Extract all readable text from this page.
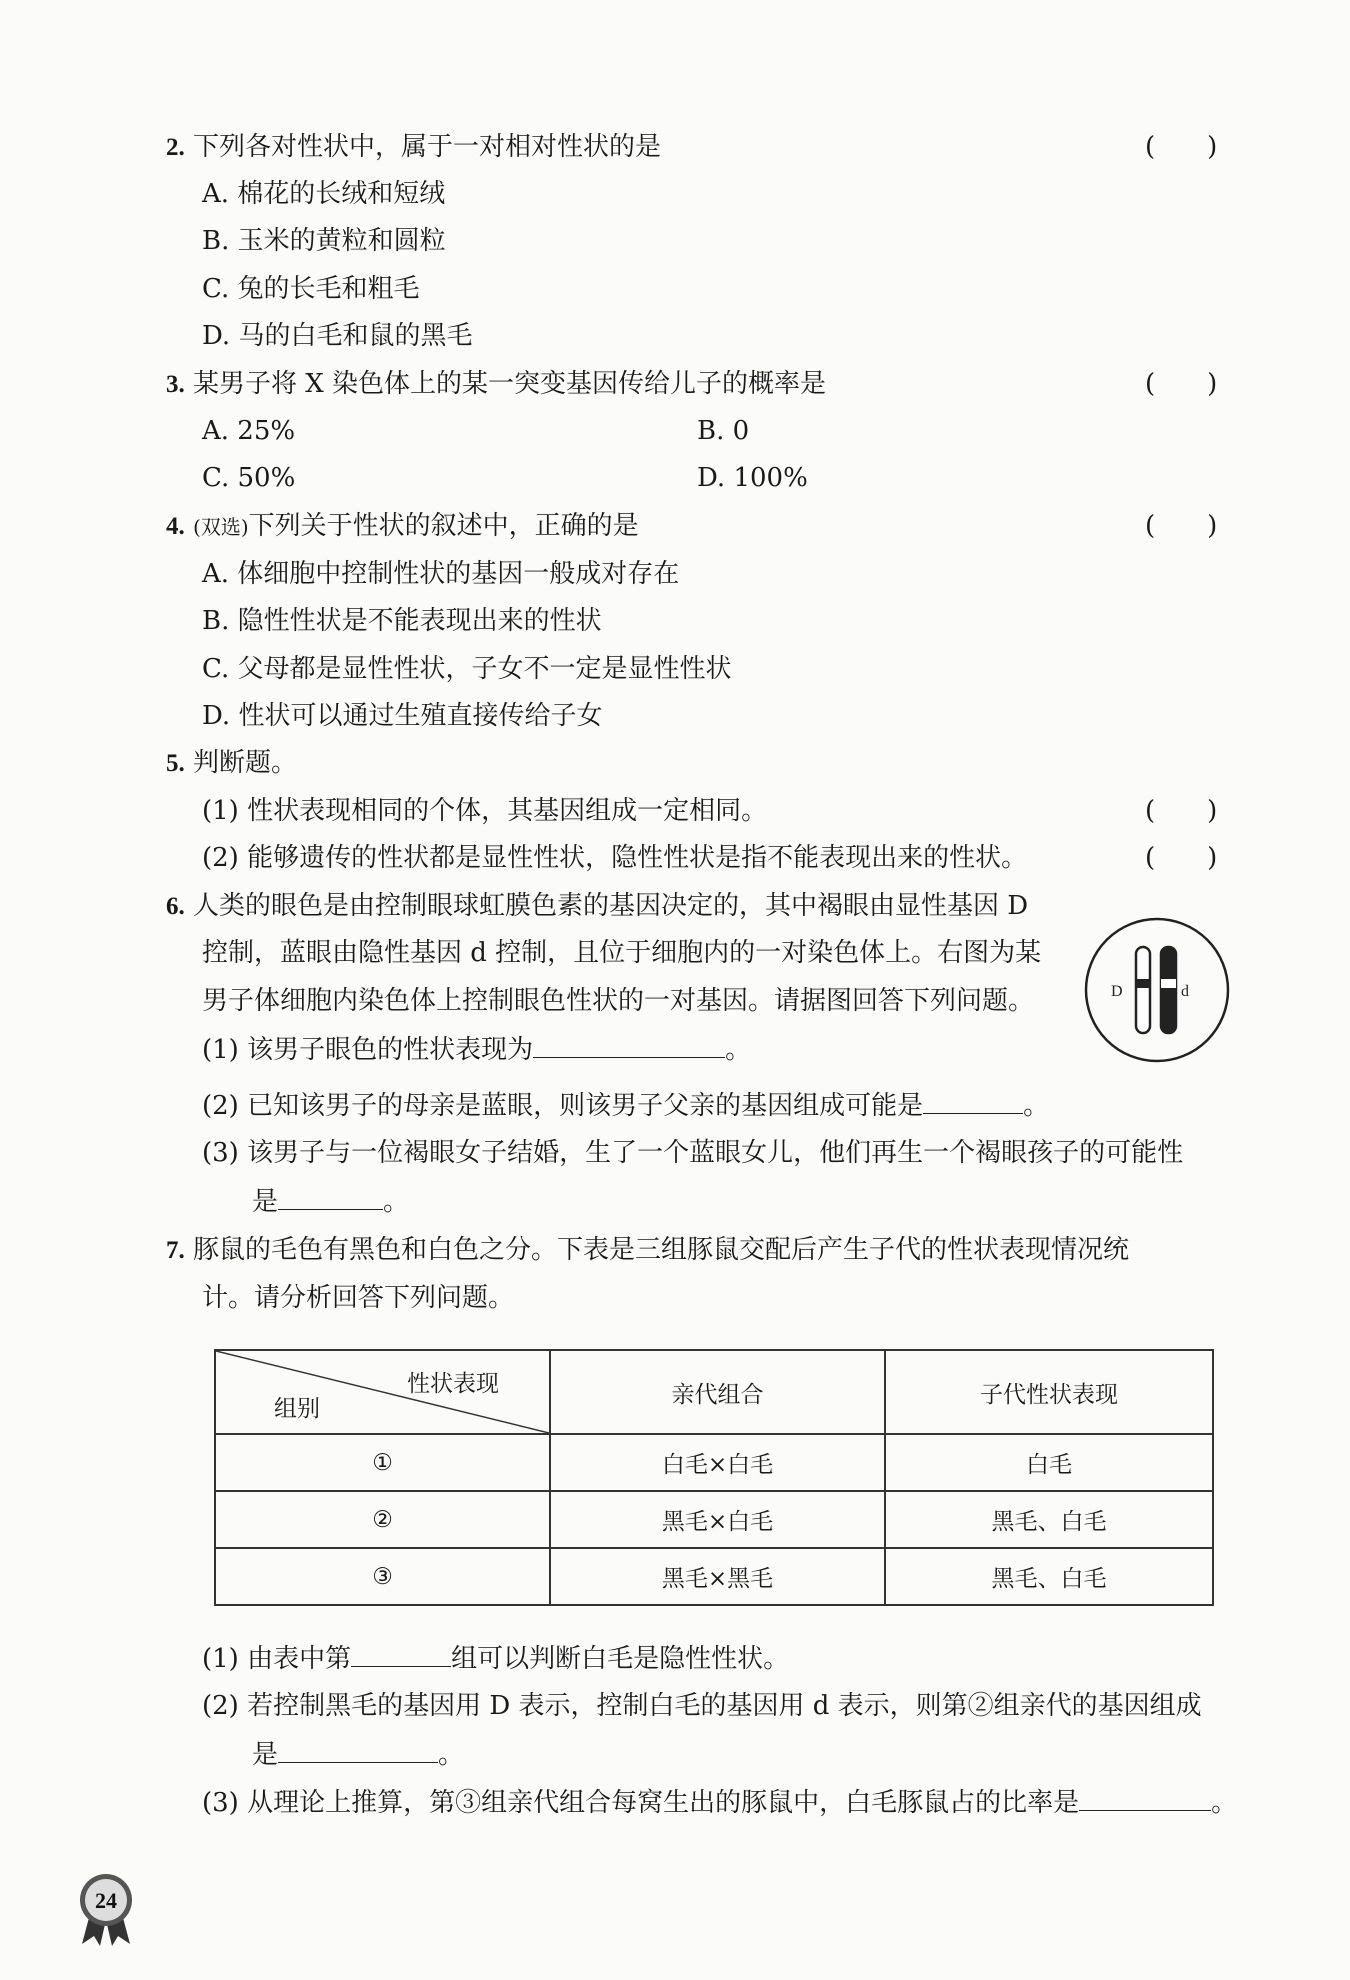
2. 下列各对性状中，属于一对相对性状的是	(　　)
A. 棉花的长绒和短绒
B. 玉米的黄粒和圆粒
C. 兔的长毛和粗毛
D. 马的白毛和鼠的黑毛
3. 某男子将 X 染色体上的某一突变基因传给儿子的概率是	(　　)
A. 25%	B. 0
C. 50%	D. 100%
4. (双选)下列关于性状的叙述中，正确的是	(　　)
A. 体细胞中控制性状的基因一般成对存在
B. 隐性性状是不能表现出来的性状
C. 父母都是显性性状，子女不一定是显性性状
D. 性状可以通过生殖直接传给子女
5. 判断题。
(1) 性状表现相同的个体，其基因组成一定相同。	(　　)
(2) 能够遗传的性状都是显性性状，隐性性状是指不能表现出来的性状。	(　　)
6. 人类的眼色是由控制眼球虹膜色素的基因决定的，其中褐眼由显性基因 D
控制，蓝眼由隐性基因 d 控制，且位于细胞内的一对染色体上。右图为某
男子体细胞内染色体上控制眼色性状的一对基因。请据图回答下列问题。	D	d
(1) 该男子眼色的性状表现为	。
(2) 已知该男子的母亲是蓝眼，则该男子父亲的基因组成可能是	。
(3) 该男子与一位褐眼女子结婚，生了一个蓝眼女儿，他们再生一个褐眼孩子的可能性
是	。
7. 豚鼠的毛色有黑色和白色之分。下表是三组豚鼠交配后产生子代的性状表现情况统
计。请分析回答下列问题。
性状表现
组别	亲代组合	子代性状表现
①	白毛×白毛	白毛
②	黑毛×白毛	黑毛、白毛
③	黑毛×黑毛	黑毛、白毛
(1) 由表中第	组可以判断白毛是隐性性状。
(2) 若控制黑毛的基因用 D 表示，控制白毛的基因用 d 表示，则第②组亲代的基因组成
是	。
(3) 从理论上推算，第③组亲代组合每窝生出的豚鼠中，白毛豚鼠占的比率是	。
24
